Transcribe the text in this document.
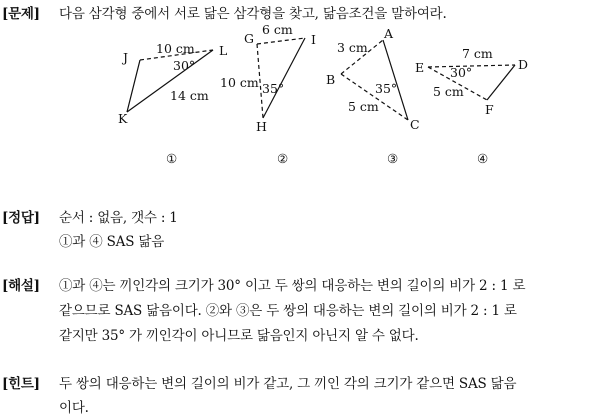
[문제] 다음 삼각형 중에서 서로 닮은 삼각형을 찾고, 닮음조건을 말하여라.
J	L
K
10 cm
30°
14 cm
G	I
H
6 cm
10 cm 35°
A
B
C
3 cm
35°
5 cm
E	D
F
7 cm
30°
5 cm
①	②	③	④
[정답] 순서 : 없음, 갯수 : 1
①과 ④ SAS 닮음
[해설] ①과 ④는 끼인각의 크기가 30° 이고 두 쌍의 대응하는 변의 길이의 비가 2 : 1 로
같으므로 SAS 닮음이다. ②와 ③은 두 쌍의 대응하는 변의 길이의 비가 2 : 1 로
같지만 35° 가 끼인각이 아니므로 닮음인지 아닌지 알 수 없다.
[힌트] 두 쌍의 대응하는 변의 길이의 비가 같고, 그 끼인 각의 크기가 같으면 SAS 닮음
이다.
